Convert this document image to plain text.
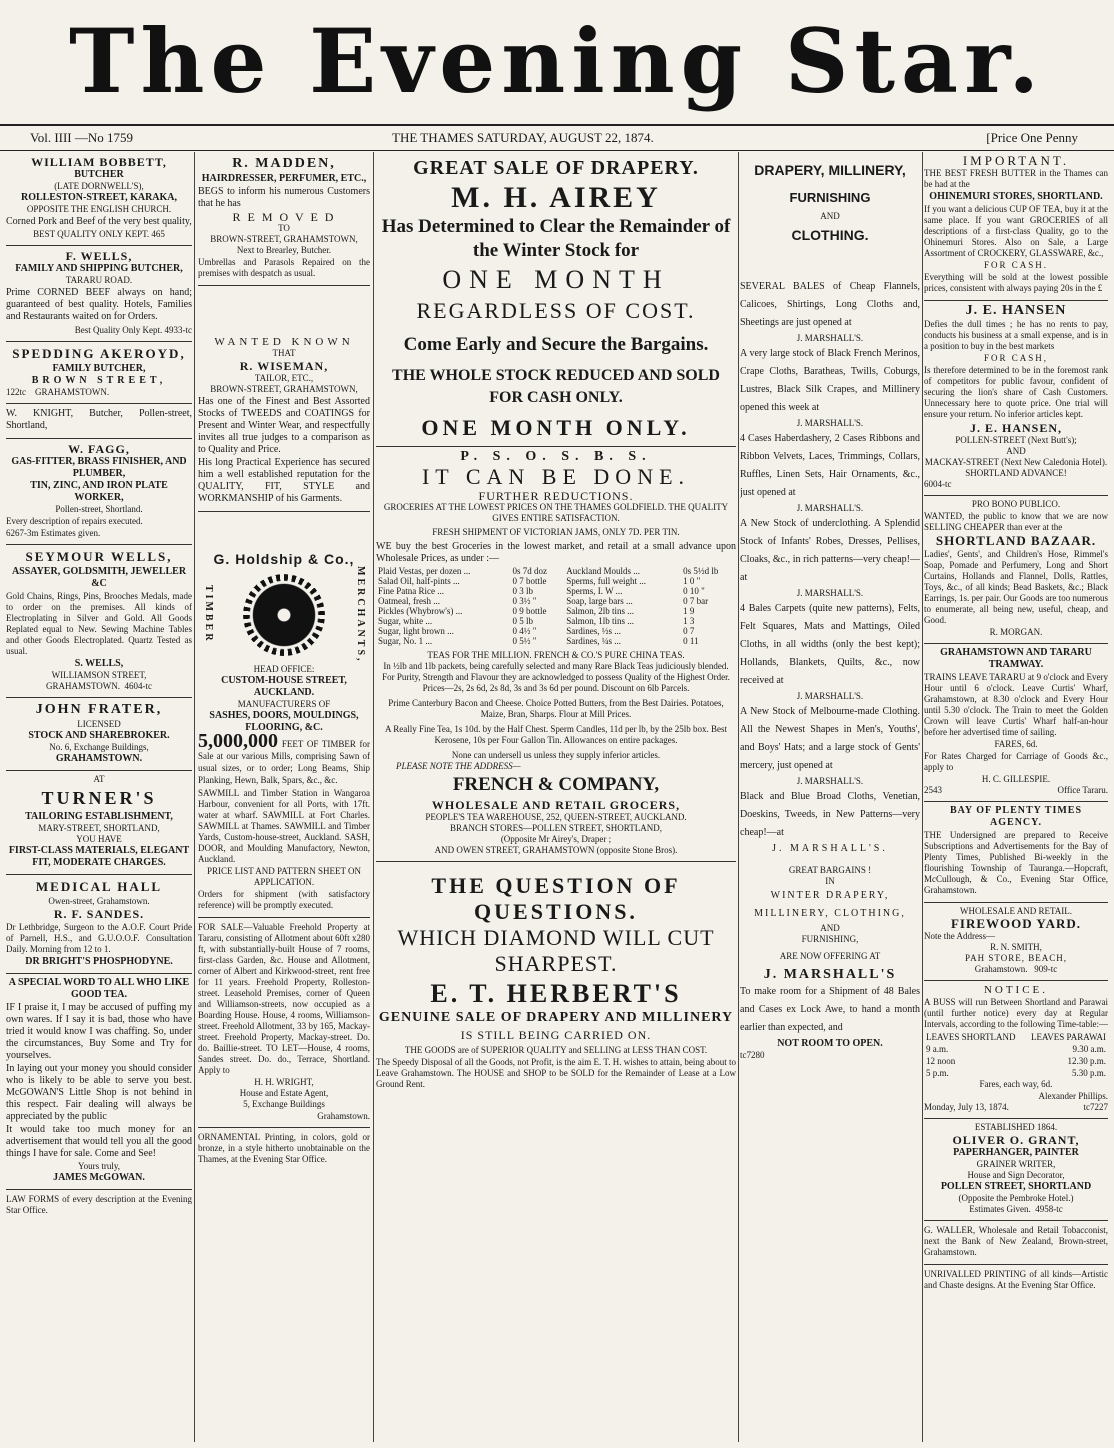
The Evening Star.
Vol. IIII —No 1759	THE THAMES SATURDAY, AUGUST 22, 1874.	[Price One Penny
WILLIAM BOBBETT,
BUTCHER
(LATE DORNWELL'S),
ROLLESTON-STREET, KARAKA,
OPPOSITE THE ENGLISH CHURCH.
Corned Pork and Beef of the very best quality,
BEST QUALITY ONLY KEPT. 465
F. WELLS,
FAMILY AND SHIPPING BUTCHER,
TARARU ROAD.
Prime CORNED BEEF always on hand; guaranteed of best quality. Hotels, Families and Restaurants waited on for Orders.
Best Quality Only Kept. 4933-tc
SPEDDING AKEROYD,
FAMILY BUTCHER,
BROWN STREET,
122tc GRAHAMSTOWN.
W. KNIGHT, Butcher, Pollen-street, Shortland,
W. FAGG,
GAS-FITTER, BRASS FINISHER, AND PLUMBER,
TIN, ZINC, AND IRON PLATE WORKER,
Pollen-street, Shortland.
Every description of repairs executed.
6267-3m Estimates given.
SEYMOUR WELLS,
ASSAYER, GOLDSMITH, JEWELLER &C
Gold Chains, Rings, Pins, Brooches Medals, made to order on the premises. All kinds of Electroplating in Silver and Gold. All Goods Replated equal to New. Sewing Machine Tables and other Goods Electroplated. Quartz Tested as usual.
S. WELLS,
WILLIAMSON STREET,
GRAHAMSTOWN. 4604-tc
JOHN FRATER,
LICENSED
STOCK AND SHAREBROKER.
No. 6, Exchange Buildings,
GRAHAMSTOWN.
AT
TURNER'S
TAILORING ESTABLISHMENT,
MARY-STREET, SHORTLAND,
YOU HAVE
FIRST-CLASS MATERIALS, ELEGANT FIT, MODERATE CHARGES.
MEDICAL HALL
Owen-street, Grahamstown.
R. F. SANDES.
Dr Lethbridge, Surgeon to the A.O.F. Court Pride of Parnell, H.S., and G.U.O.O.F. Consultation Daily. Morning from 12 to 1.
DR BRIGHT'S PHOSPHODYNE.
A SPECIAL WORD TO ALL WHO LIKE GOOD TEA.
IF I praise it, I may be accused of puffing my own wares. If I say it is bad, those who have tried it would know I was chaffing. So, under the circumstances, Buy Some and Try for yourselves.
In laying out your money you should consider who is likely to be able to serve you best. McGOWAN'S Little Shop is not behind in this respect. Fair dealing will always be appreciated by the public
It would take too much money for an advertisement that would tell you all the good things I have for sale. Come and See!
Yours truly,
JAMES McGOWAN.
LAW FORMS of every description at the Evening Star Office.
R. MADDEN,
HAIRDRESSER, PERFUMER, ETC.,
BEGS to inform his numerous Customers that he has
R E M O V E D
TO
BROWN-STREET, GRAHAMSTOWN,
Next to Brearley, Butcher.
Umbrellas and Parasols Repaired on the premises with despatch as usual.
WANTED KNOWN
THAT
R. WISEMAN,
TAILOR, ETC.,
BROWN-STREET, GRAHAMSTOWN,
Has one of the Finest and Best Assorted Stocks of TWEEDS and COATINGS for Present and Winter Wear, and respectfully invites all true judges to a comparison as to Quality and Price.
His long Practical Experience has secured him a well established reputation for the QUALITY, FIT, STYLE and WORKMANSHIP of his Garments.
G. Holdship & Co.,
TIMBER	MERCHANTS,
HEAD OFFICE:
CUSTOM-HOUSE STREET, AUCKLAND.
MANUFACTURERS OF
SASHES, DOORS, MOULDINGS, FLOORING, &C.
5,000,000 FEET OF TIMBER for Sale at our various Mills, comprising Sawn of usual sizes, or to order; Long Beams, Ship Planking, Hewn, Balk, Spars, &c., &c.
SAWMILL and Timber Station in Wangaroa Harbour, convenient for all Ports, with 17ft. water at wharf. SAWMILL at Fort Charles. SAWMILL at Thames. SAWMILL and Timber Yards, Custom-house-street, Auckland. SASH, DOOR, and Moulding Manufactory, Newton, Auckland.
PRICE LIST AND PATTERN SHEET ON APPLICATION.
Orders for shipment (with satisfactory reference) will be promptly executed.
FOR SALE—Valuable Freehold Property at Tararu, consisting of Allotment about 60ft x280 ft, with substantially-built House of 7 rooms, first-class Garden, &c. House and Allotment, corner of Albert and Kirkwood-street, rent free for 11 years. Freehold Property, Rolleston-street. Leasehold Premises, corner of Queen and Williamson-streets, now occupied as a Boarding House. House, 4 rooms, Williamson-street. Freehold Allotment, 33 by 165, Mackay-street. Freehold Property, Mackay-street. Do. do. Baillie-street. TO LET—House, 4 rooms, Sandes street. Do. do., Terrace, Shortland. Apply to
H. H. WRIGHT,
House and Estate Agent,
5, Exchange Buildings
Grahamstown.
ORNAMENTAL Printing, in colors, gold or bronze, in a style hitherto unobtainable on the Thames, at the Evening Star Office.
GREAT SALE OF DRAPERY.
M. H. AIREY
Has Determined to Clear the Remainder of the Winter Stock for
ONE MONTH
REGARDLESS OF COST.
Come Early and Secure the Bargains.
THE WHOLE STOCK REDUCED AND SOLD FOR CASH ONLY.
ONE MONTH ONLY.
P. S. O. S. B. S.
IT CAN BE DONE.
FURTHER REDUCTIONS.
GROCERIES AT THE LOWEST PRICES ON THE THAMES GOLDFIELD. THE QUALITY GIVES ENTIRE SATISFACTION.
FRESH SHIPMENT OF VICTORIAN JAMS, ONLY 7D. PER TIN.
WE buy the best Groceries in the lowest market, and retail at a small advance upon Wholesale Prices, as under :—
Plaid Vestas, per dozen ...	0s 7d doz	Auckland Moulds ...	0s 5½d lb
Salad Oil, half-pints ...	0 7 bottle	Sperms, full weight ...	1 0 "
Fine Patna Rice ...	0 3 lb	Sperms, I. W ...	0 10 "
Oatmeal, fresh ...	0 3½ "	Soap, large bars ...	0 7 bar
Pickles (Whybrow's) ...	0 9 bottle	Salmon, 2lb tins ...	1 9
Sugar, white ...	0 5 lb	Salmon, 1lb tins ...	1 3
Sugar, light brown ...	0 4½ "	Sardines, ½s ...	0 7
Sugar, No. 1 ...	0 5½ "	Sardines, ¼s ...	0 11
TEAS FOR THE MILLION. FRENCH & CO.'S PURE CHINA TEAS.
In ½lb and 1lb packets, being carefully selected and many Rare Black Teas judiciously blended. For Purity, Strength and Flavour they are acknowledged to possess Quality of the Highest Order. Prices—2s, 2s 6d, 2s 8d, 3s and 3s 6d per pound. Discount on 6lb Parcels.
Prime Canterbury Bacon and Cheese. Choice Potted Butters, from the Best Dairies. Potatoes, Maize, Bran, Sharps. Flour at Mill Prices.
A Really Fine Tea, 1s 10d. by the Half Chest. Sperm Candles, 11d per lb, by the 25lb box. Best Kerosene, 10s per Four Gallon Tin. Allowances on entire packages.
None can undersell us unless they supply inferior articles.
PLEASE NOTE THE ADDRESS—
FRENCH & COMPANY,
WHOLESALE AND RETAIL GROCERS,
PEOPLE'S TEA WAREHOUSE, 252, QUEEN-STREET, AUCKLAND.
BRANCH STORES—POLLEN STREET, SHORTLAND,
(Opposite Mr Airey's, Draper ;
AND OWEN STREET, GRAHAMSTOWN (opposite Stone Bros).
THE QUESTION OF QUESTIONS.
WHICH DIAMOND WILL CUT SHARPEST.
E. T. HERBERT'S
GENUINE SALE OF DRAPERY AND MILLINERY
IS STILL BEING CARRIED ON.
THE GOODS are of SUPERIOR QUALITY and SELLING at LESS THAN COST.
The Speedy Disposal of all the Goods, not Profit, is the aim E. T. H. wishes to attain, being about to Leave Grahamstown. The HOUSE and SHOP to be SOLD for the Remainder of Lease at a Low Ground Rent.
DRAPERY, MILLINERY,
FURNISHING
AND
CLOTHING.
SEVERAL BALES of Cheap Flannels, Calicoes, Shirtings, Long Cloths and, Sheetings are just opened at
J. MARSHALL'S.
A very large stock of Black French Merinos, Crape Cloths, Baratheas, Twills, Coburgs, Lustres, Black Silk Crapes, and Millinery opened this week at
J. MARSHALL'S.
4 Cases Haberdashery, 2 Cases Ribbons and Ribbon Velvets, Laces, Trimmings, Collars, Ruffles, Linen Sets, Hair Ornaments, &c., just opened at
J. MARSHALL'S.
A New Stock of underclothing. A Splendid Stock of Infants' Robes, Dresses, Pellises, Cloaks, &c., in rich patterns—very cheap!—at
J. MARSHALL'S.
4 Bales Carpets (quite new patterns), Felts, Felt Squares, Mats and Mattings, Oiled Cloths, in all widths (only the best kept); Hollands, Blankets, Quilts, &c., now received at
J. MARSHALL'S.
A New Stock of Melbourne-made Clothing. All the Newest Shapes in Men's, Youths', and Boys' Hats; and a large stock of Gents' mercery, just opened at
J. MARSHALL'S.
Black and Blue Broad Cloths, Venetian, Doeskins, Tweeds, in New Patterns—very cheap!—at
J. MARSHALL'S.
GREAT BARGAINS !
IN
WINTER DRAPERY, MILLINERY, CLOTHING,
AND
FURNISHING,
ARE NOW OFFERING AT
J. MARSHALL'S
To make room for a Shipment of 48 Bales and Cases ex Lock Awe, to hand a month earlier than expected, and
NOT ROOM TO OPEN.
tc7280
IMPORTANT.
THE BEST FRESH BUTTER in the Thames can be had at the
OHINEMURI STORES, SHORTLAND.
If you want a delicious CUP OF TEA, buy it at the same place. If you want GROCERIES of all descriptions of a first-class Quality, go to the Ohinemuri Stores. Also on Sale, a Large Assortment of CROCKERY, GLASSWARE, &c.,
FOR CASH.
Everything will be sold at the lowest possible prices, consistent with always paying 20s in the £
J. E. HANSEN
Defies the dull times ; he has no rents to pay, conducts his business at a small expense, and is in a position to buy in the best markets
FOR CASH,
Is therefore determined to be in the foremost rank of competitors for public favour, confident of securing the lion's share of Cash Customers. Unnecessary here to quote price. One trial will ensure your return. No inferior articles kept.
J. E. HANSEN,
POLLEN-STREET (Next Butt's);
AND
MACKAY-STREET (Next New Caledonia Hotel).
SHORTLAND ADVANCE!
6004-tc
PRO BONO PUBLICO.
WANTED, the public to know that we are now SELLING CHEAPER than ever at the
SHORTLAND BAZAAR.
Ladies', Gents', and Children's Hose, Rimmel's Soap, Pomade and Perfumery, Long and Short Curtains, Hollands and Flannel, Dolls, Rattles, Toys, &c., of all kinds; Bead Baskets, &c.; Black Earrings, 1s. per pair. Our Goods are too numerous to enumerate, all being new, useful, cheap, and Good.
R. MORGAN.
GRAHAMSTOWN AND TARARU TRAMWAY.
TRAINS LEAVE TARARU at 9 o'clock and Every Hour until 6 o'clock. Leave Curtis' Wharf, Grahamstown, at 8.30 o'clock and Every Hour until 5.30 o'clock. The Train to meet the Golden Crown will leave Curtis' Wharf half-an-hour before her advertised time of sailing.
FARES, 6d.
For Rates Charged for Carriage of Goods &c., apply to
H. C. GILLESPIE.
2543	Office Tararu.
BAY OF PLENTY TIMES AGENCY.
THE Undersigned are prepared to Receive Subscriptions and Advertisements for the Bay of Plenty Times, Published Bi-weekly in the flourishing Township of Tauranga.—Hopcraft, McCullough, & Co., Evening Star Office, Grahamstown.
WHOLESALE AND RETAIL.
FIREWOOD YARD.
Note the Address—
R. N. SMITH,
PAH STORE, BEACH,
Grahamstown. 909-tc
NOTICE.
A BUSS will run Between Shortland and Parawai (until further notice) every day at Regular Intervals, according to the following Time-table:—
LEAVES SHORTLAND	LEAVES PARAWAI
9 a.m.	9.30 a.m.
12 noon	12.30 p.m.
5 p.m.	5.30 p.m.
Fares, each way, 6d.
Alexander Phillips.
Monday, July 13, 1874.	tc7227
ESTABLISHED 1864.
OLIVER O. GRANT,
PAPERHANGER, PAINTER
GRAINER WRITER,
House and Sign Decorator,
POLLEN STREET, SHORTLAND
(Opposite the Pembroke Hotel.)
Estimates Given. 4958-tc
G. WALLER, Wholesale and Retail Tobacconist, next the Bank of New Zealand, Brown-street, Grahamstown.
UNRIVALLED PRINTING of all kinds—Artistic and Chaste designs. At the Evening Star Office.
